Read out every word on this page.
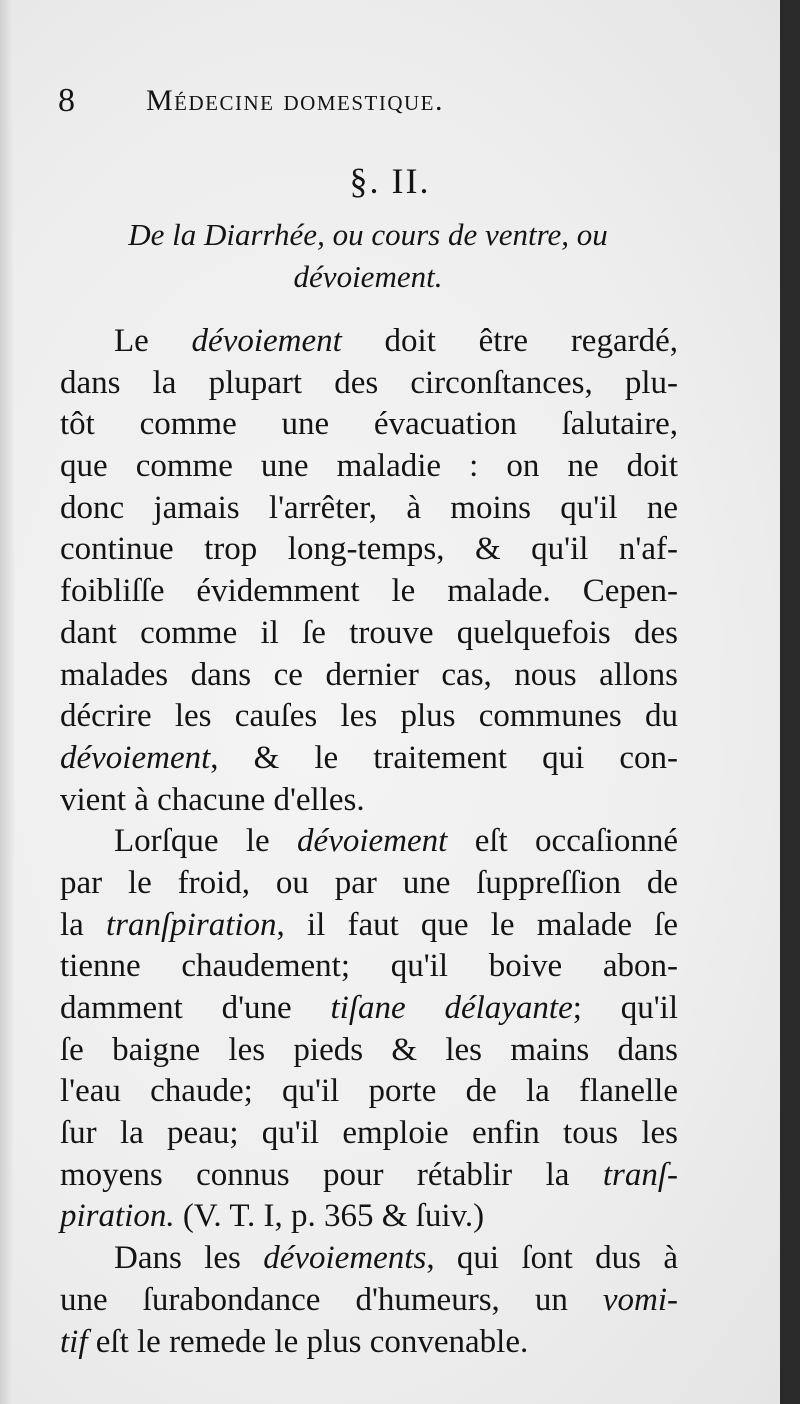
8 Médecine domestique.
§. II.
De la Diarrhée, ou cours de ventre, ou
dévoiement.
Le dévoiement doit être regardé,
dans la plupart des circonſtances, plu-
tôt comme une évacuation ſalutaire,
que comme une maladie : on ne doit
donc jamais l'arrêter, à moins qu'il ne
continue trop long-temps, & qu'il n'af-
foibliſſe évidemment le malade. Cepen-
dant comme il ſe trouve quelquefois des
malades dans ce dernier cas, nous allons
décrire les cauſes les plus communes du
dévoiement, & le traitement qui con-
vient à chacune d'elles.
Lorſque le dévoiement eſt occaſionné
par le froid, ou par une ſuppreſſion de
la tranſpiration, il faut que le malade ſe
tienne chaudement; qu'il boive abon-
damment d'une tiſane délayante; qu'il
ſe baigne les pieds & les mains dans
l'eau chaude; qu'il porte de la flanelle
ſur la peau; qu'il emploie enfin tous les
moyens connus pour rétablir la tranſ-
piration. (V. T. I, p. 365 & ſuiv.)
Dans les dévoiements, qui ſont dus à
une ſurabondance d'humeurs, un vomi-
tif eſt le remede le plus convenable.
